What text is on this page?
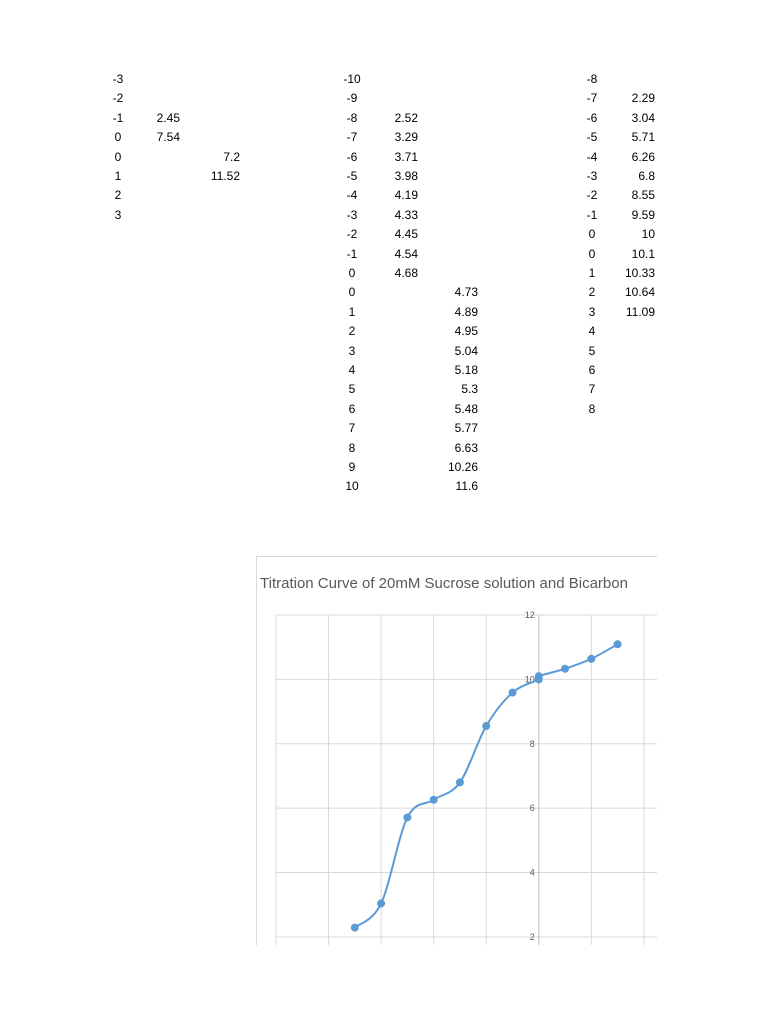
-3
-2
-1
0
0
1
2
3
2.45
7.54
7.2
11.52
-10
-9
-8
-7
-6
-5
-4
-3
-2
-1
0
0
1
2
3
4
5
6
7
8
9
10
2.52
3.29
3.71
3.98
4.19
4.33
4.45
4.54
4.68
4.73
4.89
4.95
5.04
5.18
5.3
5.48
5.77
6.63
10.26
11.6
-8
-7
-6
-5
-4
-3
-2
-1
0
0
1
2
3
4
5
6
7
8
2.29
3.04
5.71
6.26
6.8
8.55
9.59
10
10.1
10.33
10.64
11.09
Titration Curve of 20mM Sucrose solution and Bicarbon
2
4
6
8
10
12
